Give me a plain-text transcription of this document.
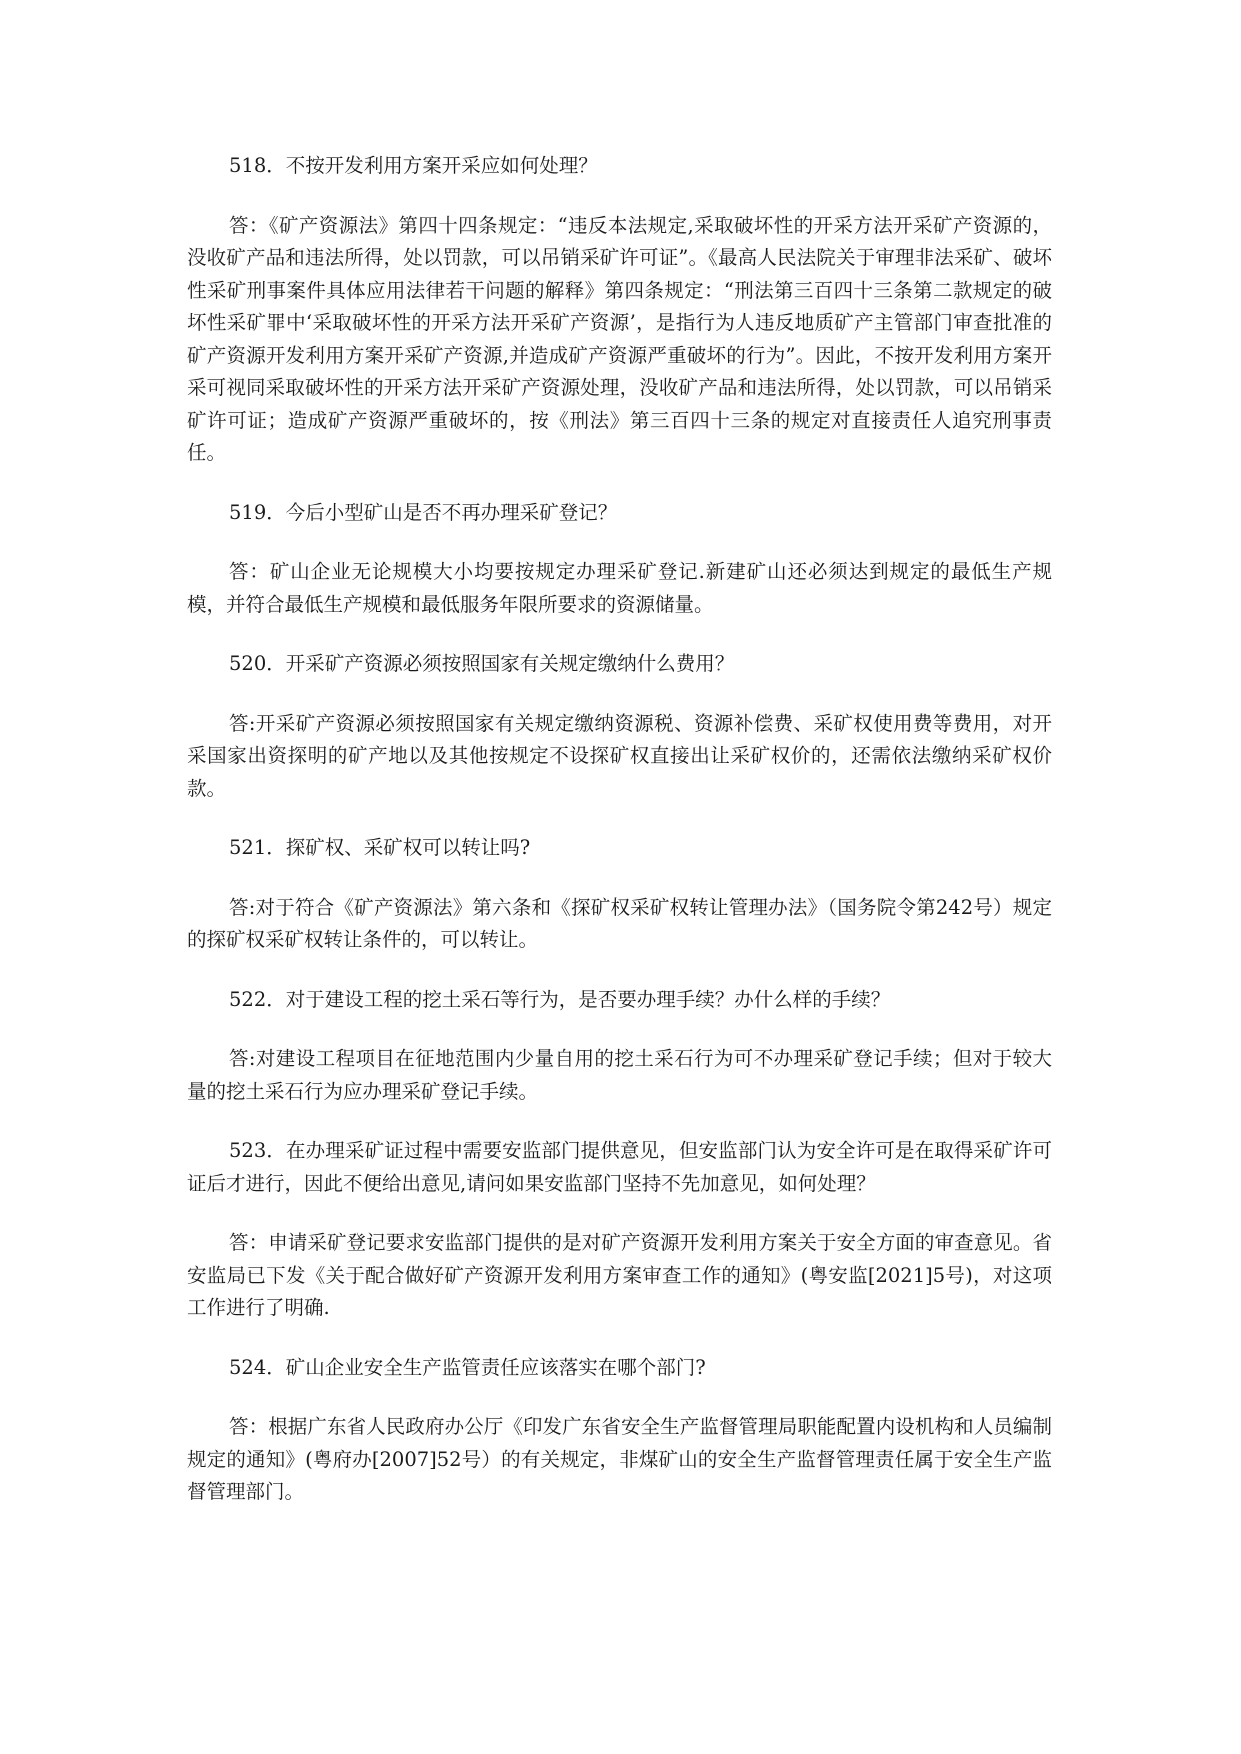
518．不按开发利用方案开采应如何处理？

答：《矿产资源法》第四十四条规定：“违反本法规定,采取破坏性的开采方法开采矿产资源的，没收矿产品和违法所得，处以罚款，可以吊销采矿许可证”。《最高人民法院关于审理非法采矿、破坏性采矿刑事案件具体应用法律若干问题的解释》第四条规定：“刑法第三百四十三条第二款规定的破坏性采矿罪中‘采取破坏性的开采方法开采矿产资源’，是指行为人违反地质矿产主管部门审查批准的矿产资源开发利用方案开采矿产资源,并造成矿产资源严重破坏的行为”。因此，不按开发利用方案开采可视同采取破坏性的开采方法开采矿产资源处理，没收矿产品和违法所得，处以罚款，可以吊销采矿许可证；造成矿产资源严重破坏的，按《刑法》第三百四十三条的规定对直接责任人追究刑事责任。

519．今后小型矿山是否不再办理采矿登记？

答：矿山企业无论规模大小均要按规定办理采矿登记.新建矿山还必须达到规定的最低生产规模，并符合最低生产规模和最低服务年限所要求的资源储量。

520．开采矿产资源必须按照国家有关规定缴纳什么费用？

答:开采矿产资源必须按照国家有关规定缴纳资源税、资源补偿费、采矿权使用费等费用，对开采国家出资探明的矿产地以及其他按规定不设探矿权直接出让采矿权价的，还需依法缴纳采矿权价款。

521．探矿权、采矿权可以转让吗?

答:对于符合《矿产资源法》第六条和《探矿权采矿权转让管理办法》（国务院令第242号）规定的探矿权采矿权转让条件的，可以转让。

522．对于建设工程的挖土采石等行为，是否要办理手续？办什么样的手续？

答:对建设工程项目在征地范围内少量自用的挖土采石行为可不办理采矿登记手续；但对于较大量的挖土采石行为应办理采矿登记手续。

523．在办理采矿证过程中需要安监部门提供意见，但安监部门认为安全许可是在取得采矿许可证后才进行，因此不便给出意见,请问如果安监部门坚持不先加意见，如何处理？

答：申请采矿登记要求安监部门提供的是对矿产资源开发利用方案关于安全方面的审查意见。省安监局已下发《关于配合做好矿产资源开发利用方案审查工作的通知》(粤安监[2021]5号)，对这项工作进行了明确.

524．矿山企业安全生产监管责任应该落实在哪个部门?

答：根据广东省人民政府办公厅《印发广东省安全生产监督管理局职能配置内设机构和人员编制规定的通知》(粤府办[2007]52号）的有关规定，非煤矿山的安全生产监督管理责任属于安全生产监督管理部门。
